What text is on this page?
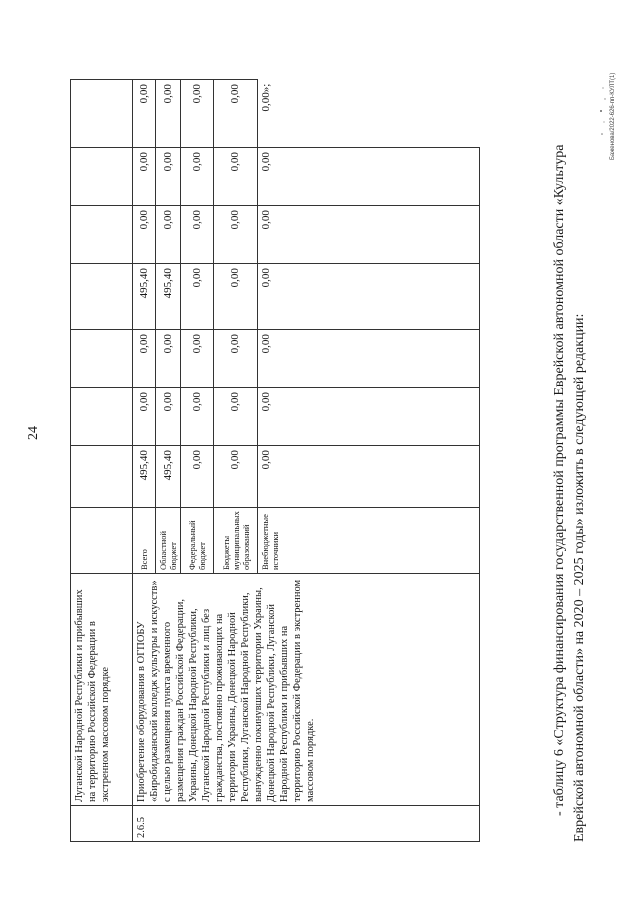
24
	Луганской Народной Республики и прибывших на территорию Российской Федерации в экстренном массовом порядке								
2.6.5	Приобретение оборудования в ОГПОБУ «Биробиджанский колледж культуры и искусств» с целью размещения пункта временного размещения граждан Российской Федерации, Украины, Донецкой Народной Республики, Луганской Народной Республики и лиц без гражданства, постоянно проживающих на территории Украины, Донецкой Народной Республики, Луганской Народной Республики, вынужденно покинувших территории Украины, Донецкой Народной Республики, Луганской Народной Республики и прибывших на территорию Российской Федерации в экстренном массовом порядке.	Всего	495,40	0,00	0,00	495,40	0,00	0,00	0,00
		Областной бюджет	495,40	0,00	0,00	495,40	0,00	0,00	0,00
		Федеральный бюджет	0,00	0,00	0,00	0,00	0,00	0,00	0,00
		Бюджеты муниципальных образований	0,00	0,00	0,00	0,00	0,00	0,00	0,00
		Внебюджетные источники	0,00	0,00	0,00	0,00	0,00	0,00	0,00»;
- таблицу 6 «Структура финансирования государственной программы Еврейской автономной области «Культура Еврейской автономной области» на 2020 – 2025 годы» изложить в следующей редакции:
Баженова/2022-626-пп-КУЛТ(1)
